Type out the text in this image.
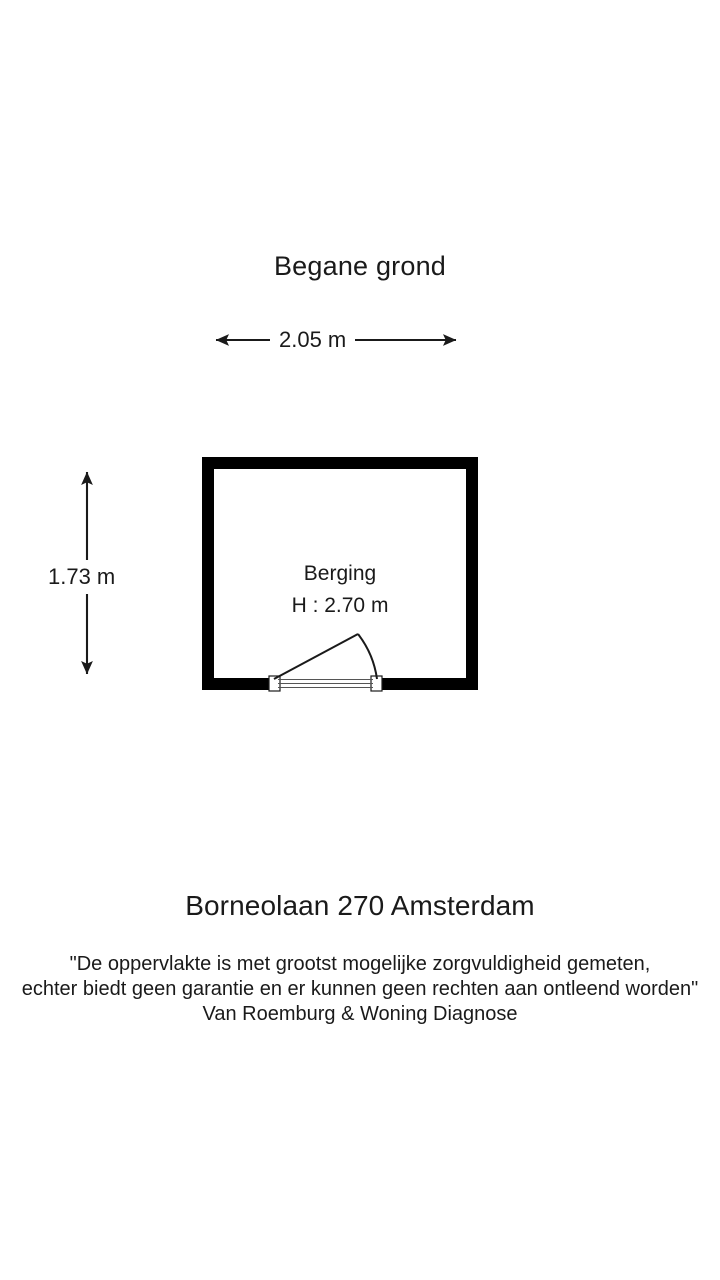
Begane grond
2.05 m
1.73 m	Berging
H : 2.70 m
Borneolaan 270 Amsterdam
"De oppervlakte is met grootst mogelijke zorgvuldigheid gemeten,
echter biedt geen garantie en er kunnen geen rechten aan ontleend worden"
Van Roemburg & Woning Diagnose
